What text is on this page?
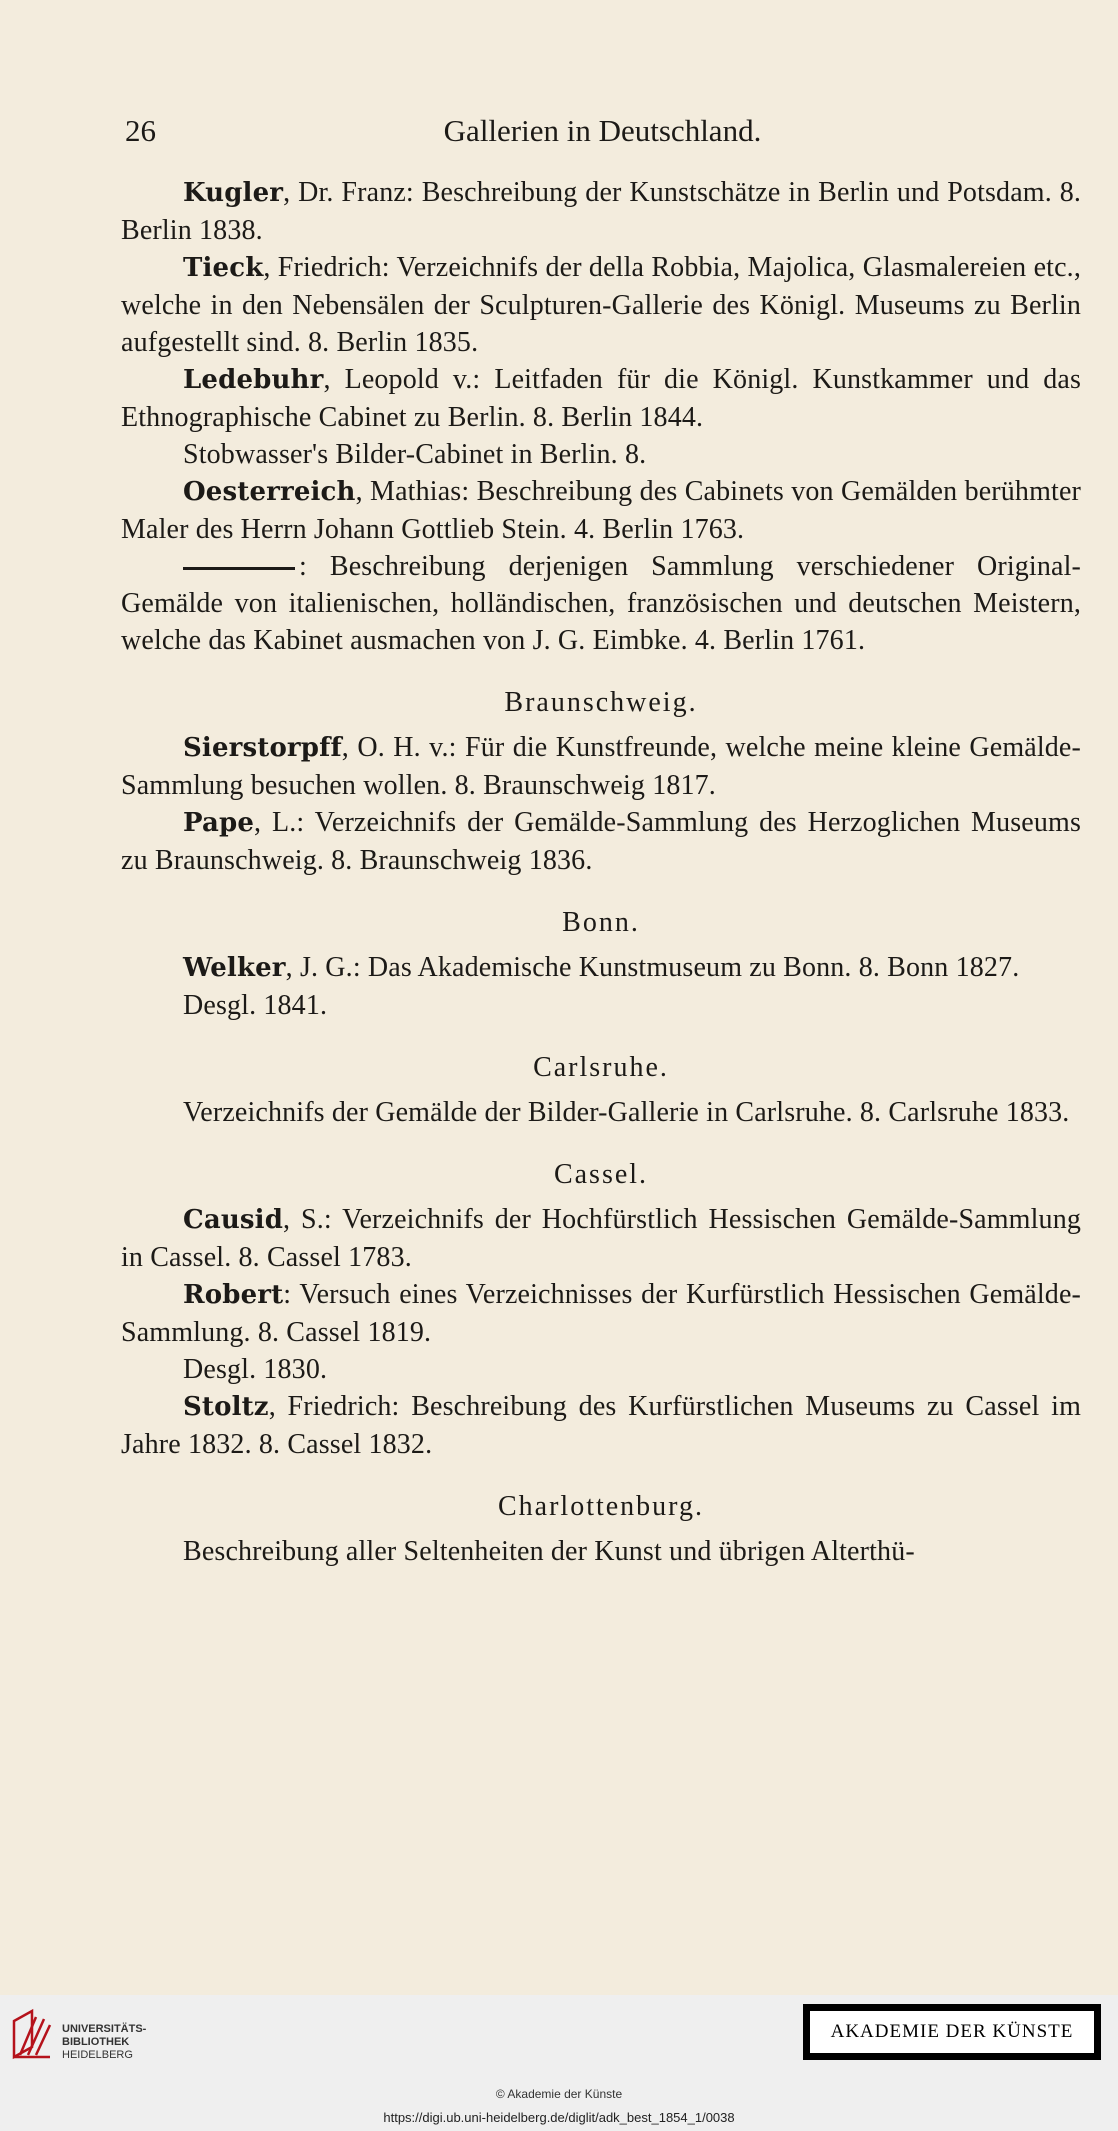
26	Gallerien in Deutschland.

Kugler, Dr. Franz: Beschreibung der Kunstschätze in Berlin und Potsdam. 8. Berlin 1838.

Tieck, Friedrich: Verzeichnifs der della Robbia, Majolica, Glasmalereien etc., welche in den Nebensälen der Sculpturen-Gallerie des Königl. Museums zu Berlin aufgestellt sind. 8. Berlin 1835.

Ledebuhr, Leopold v.: Leitfaden für die Königl. Kunstkammer und das Ethnographische Cabinet zu Berlin. 8. Berlin 1844.

Stobwasser's Bilder-Cabinet in Berlin. 8.

Oesterreich, Mathias: Beschreibung des Cabinets von Gemälden berühmter Maler des Herrn Johann Gottlieb Stein. 4. Berlin 1763.

: Beschreibung derjenigen Sammlung verschiedener Original-Gemälde von italienischen, holländischen, französischen und deutschen Meistern, welche das Kabinet ausmachen von J. G. Eimbke. 4. Berlin 1761.

Braunschweig.

Sierstorpff, O. H. v.: Für die Kunstfreunde, welche meine kleine Gemälde-Sammlung besuchen wollen. 8. Braunschweig 1817.

Pape, L.: Verzeichnifs der Gemälde-Sammlung des Herzoglichen Museums zu Braunschweig. 8. Braunschweig 1836.

Bonn.

Welker, J. G.: Das Akademische Kunstmuseum zu Bonn. 8. Bonn 1827.

Desgl. 1841.

Carlsruhe.

Verzeichnifs der Gemälde der Bilder-Gallerie in Carlsruhe. 8. Carlsruhe 1833.

Cassel.

Causid, S.: Verzeichnifs der Hochfürstlich Hessischen Gemälde-Sammlung in Cassel. 8. Cassel 1783.

Robert: Versuch eines Verzeichnisses der Kurfürstlich Hessischen Gemälde-Sammlung. 8. Cassel 1819.

Desgl. 1830.

Stoltz, Friedrich: Beschreibung des Kurfürstlichen Museums zu Cassel im Jahre 1832. 8. Cassel 1832.

Charlottenburg.

Beschreibung aller Seltenheiten der Kunst und übrigen Alterthü-

UNIVERSITÄTS-
BIBLIOTHEK
HEIDELBERG
AKADEMIE DER KÜNSTE
© Akademie der Künste
https://digi.ub.uni-heidelberg.de/diglit/adk_best_1854_1/0038
